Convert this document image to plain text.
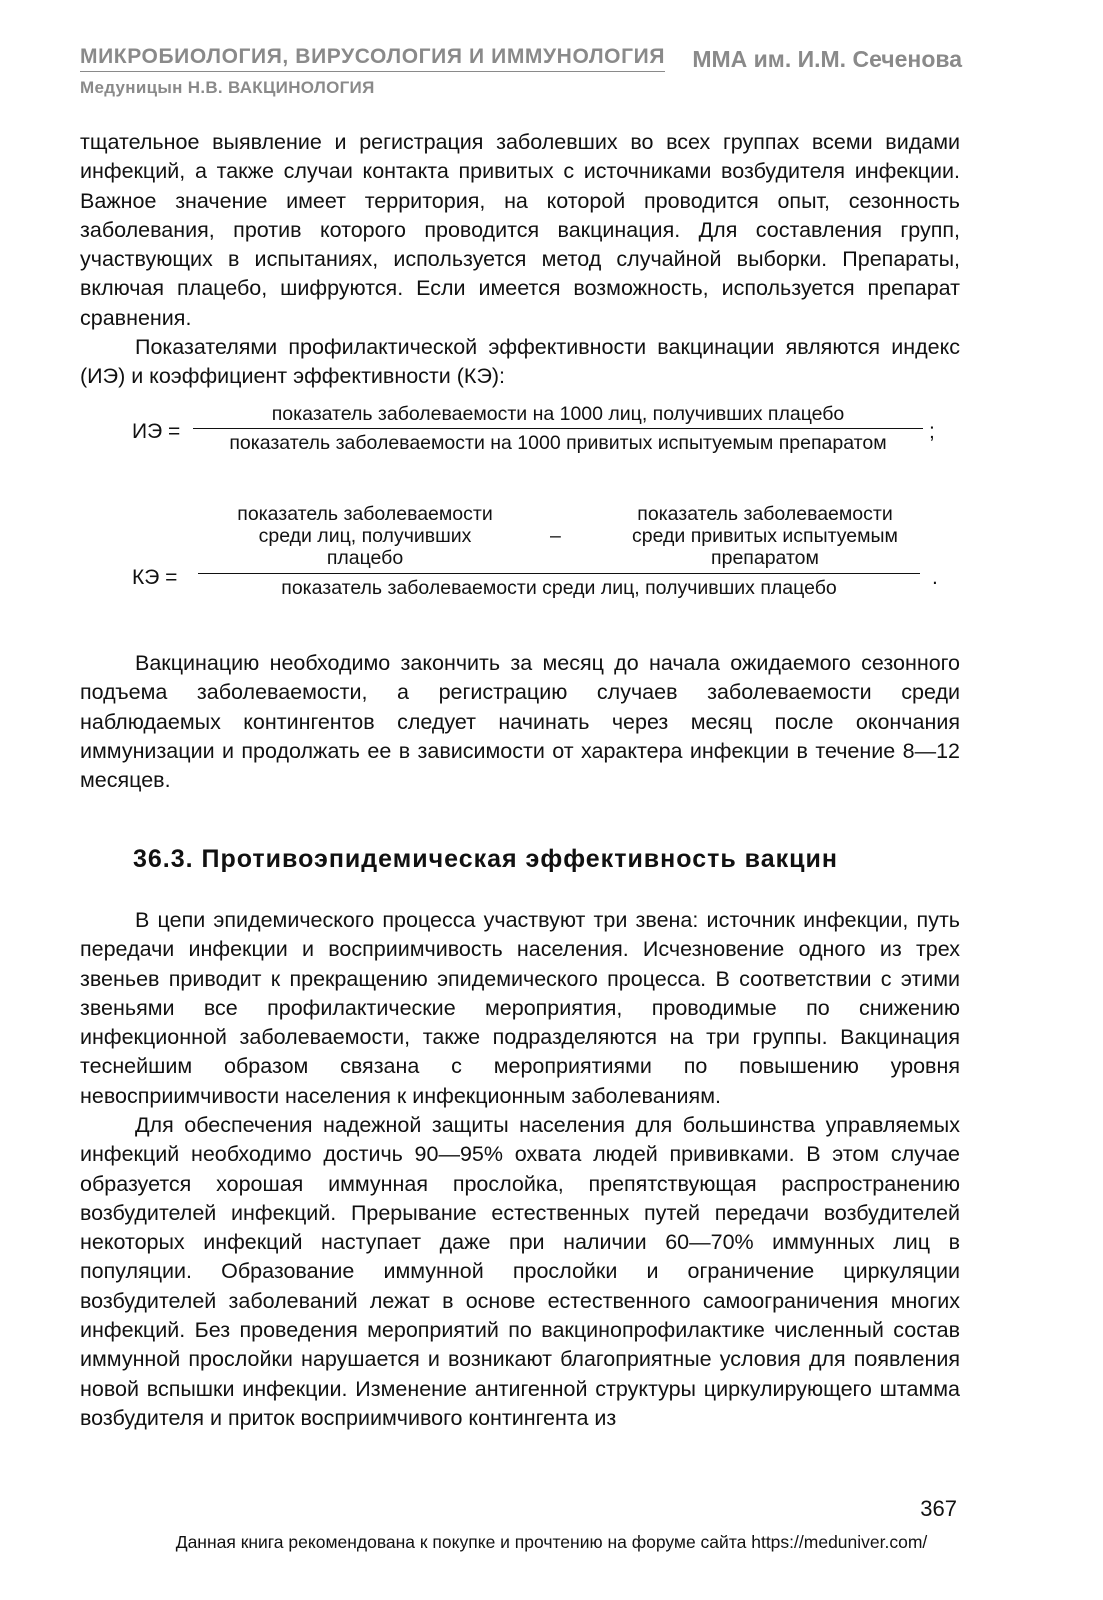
МИКРОБИОЛОГИЯ, ВИРУСОЛОГИЯ И ИММУНОЛОГИЯ ММА им. И.М. Сеченова
Медуницын Н.В. ВАКЦИНОЛОГИЯ

тщательное выявление и регистрация заболевших во всех группах всеми видами инфекций, а также случаи контакта привитых с источниками возбудителя инфекции. Важное значение имеет территория, на которой проводится опыт, сезонность заболевания, против которого проводится вакцинация. Для составления групп, участвующих в испытаниях, используется метод случайной выборки. Препараты, включая плацебо, шифруются. Если имеется возможность, используется препарат сравнения.

Показателями профилактической эффективности вакцинации являются индекс (ИЭ) и коэффициент эффективности (КЭ):

ИЭ =
показатель заболеваемости на 1000 лиц, получивших плацебо
показатель заболеваемости на 1000 привитых испытуемым препаратом	;
показатель заболеваемости
среди лиц, получивших
плацебо
–
показатель заболеваемости
среди привитых испытуемым
препаратом
КЭ =	показатель заболеваемости среди лиц, получивших плацебо	.

Вакцинацию необходимо закончить за месяц до начала ожидаемого сезонного подъема заболеваемости, а регистрацию случаев заболеваемости среди наблюдаемых контингентов следует начинать через месяц после окончания иммунизации и продолжать ее в зависимости от характера инфекции в течение 8—12 месяцев.

36.3. Противоэпидемическая эффективность вакцин

В цепи эпидемического процесса участвуют три звена: источник инфекции, путь передачи инфекции и восприимчивость населения. Исчезновение одного из трех звеньев приводит к прекращению эпидемического процесса. В соответствии с этими звеньями все профилактические мероприятия, проводимые по снижению инфекционной заболеваемости, также подразделяются на три группы. Вакцинация теснейшим образом связана с мероприятиями по повышению уровня невосприимчивости населения к инфекционным заболеваниям.

Для обеспечения надежной защиты населения для большинства управляемых инфекций необходимо достичь 90—95% охвата людей прививками. В этом случае образуется хорошая иммунная прослойка, препятствующая распространению возбудителей инфекций. Прерывание естественных путей передачи возбудителей некоторых инфекций наступает даже при наличии 60—70% иммунных лиц в популяции. Образование иммунной прослойки и ограничение циркуляции возбудителей заболеваний лежат в основе естественного самоограничения многих инфекций. Без проведения мероприятий по вакцинопрофилактике численный состав иммунной прослойки нарушается и возникают благоприятные условия для появления новой вспышки инфекции. Изменение антигенной структуры циркулирующего штамма возбудителя и приток восприимчивого контингента из

367
Данная книга рекомендована к покупке и прочтению на форуме сайта https://meduniver.com/
